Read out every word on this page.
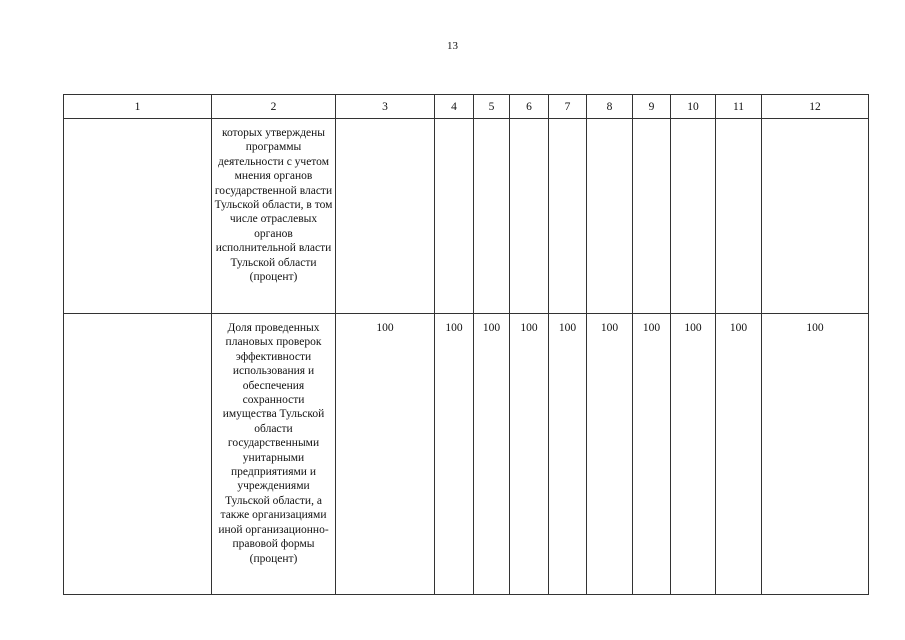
13
1	2	3	4	5	6	7	8	9	10	11	12

	которых утверждены программы деятельности с учетом мнения органов государственной власти Тульской области, в том числе отраслевых органов исполнительной власти Тульской области (процент)										

	Доля проведенных плановых проверок эффективности использования и обеспечения сохранности имущества Тульской области государственными унитарными предприятиями и учреждениями Тульской области, а также организациями иной организационно-правовой формы (процент)	100	100	100	100	100	100	100	100	100	100
